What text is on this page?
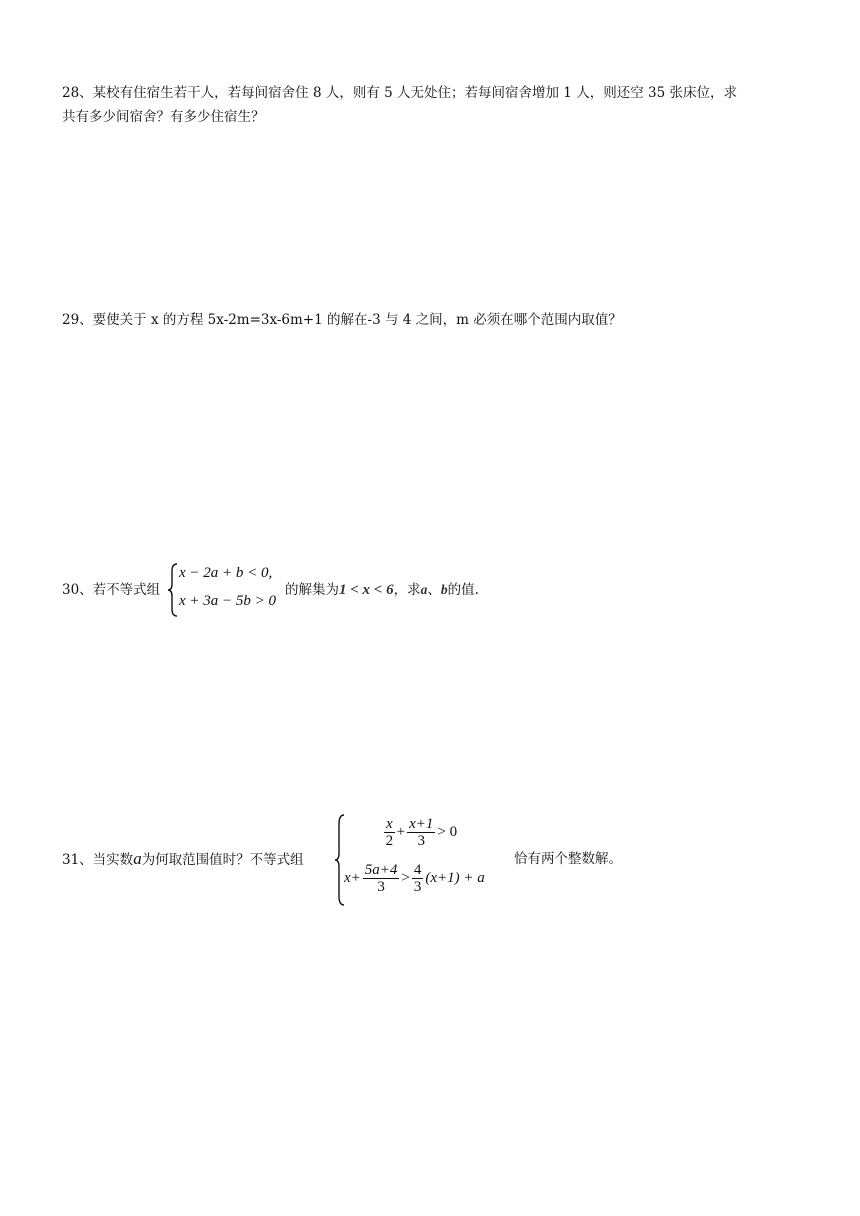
28、某校有住宿生若干人，若每间宿舍住 8 人，则有 5 人无处住；若每间宿舍增加 1 人，则还空 35 张床位，求
共有多少间宿舍？有多少住宿生？
29、要使关于 x 的方程 5x-2m=3x-6m+1 的解在-3 与 4 之间，m 必须在哪个范围内取值？
30、若不等式组
x − 2a + b < 0,
x + 3a − 5b > 0
的解集为1 < x < 6，求a、b的值.
31、当实数a为何取范围值时？不等式组
$\frac{x}{2} + \frac{x+1}{3} > 0$
$x+ \frac{5a+4}{3} > \frac{4}{3} (x+1) + a$
恰有两个整数解。
